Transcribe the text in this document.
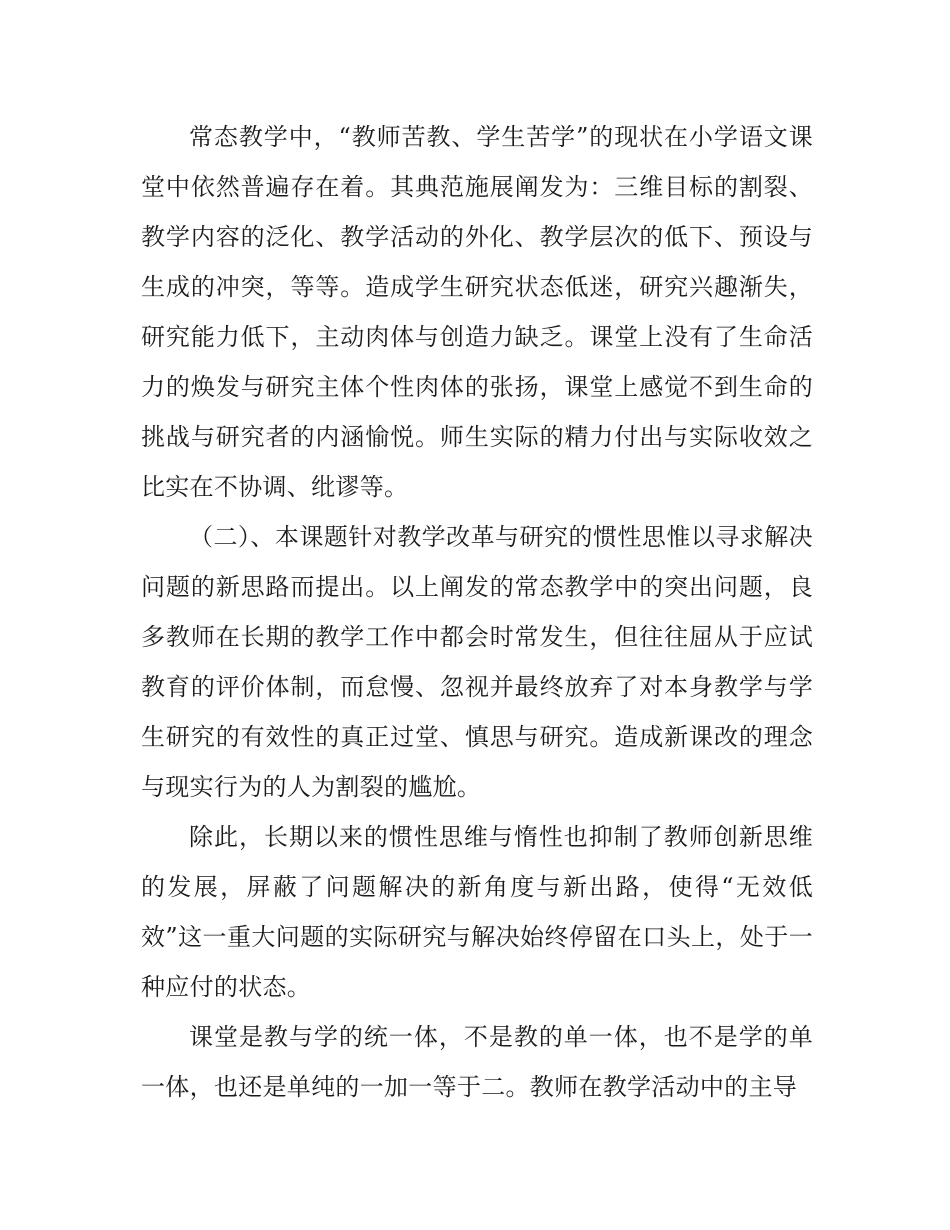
常态教学中，“教师苦教、学生苦学”的现状在小学语文课堂中依然普遍存在着。其典范施展阐发为：三维目标的割裂、教学内容的泛化、教学活动的外化、教学层次的低下、预设与生成的冲突，等等。造成学生研究状态低迷，研究兴趣渐失，研究能力低下，主动肉体与创造力缺乏。课堂上没有了生命活力的焕发与研究主体个性肉体的张扬，课堂上感觉不到生命的挑战与研究者的内涵愉悦。师生实际的精力付出与实际收效之比实在不协调、纰谬等。

（二）、本课题针对教学改革与研究的惯性思惟以寻求解决问题的新思路而提出。以上阐发的常态教学中的突出问题，良多教师在长期的教学工作中都会时常发生，但往往屈从于应试教育的评价体制，而怠慢、忽视并最终放弃了对本身教学与学生研究的有效性的真正过堂、慎思与研究。造成新课改的理念与现实行为的人为割裂的尴尬。

除此，长期以来的惯性思维与惰性也抑制了教师创新思维的发展，屏蔽了问题解决的新角度与新出路，使得“无效低效”这一重大问题的实际研究与解决始终停留在口头上，处于一种应付的状态。

课堂是教与学的统一体，不是教的单一体，也不是学的单一体，也还是单纯的一加一等于二。教师在教学活动中的主导
